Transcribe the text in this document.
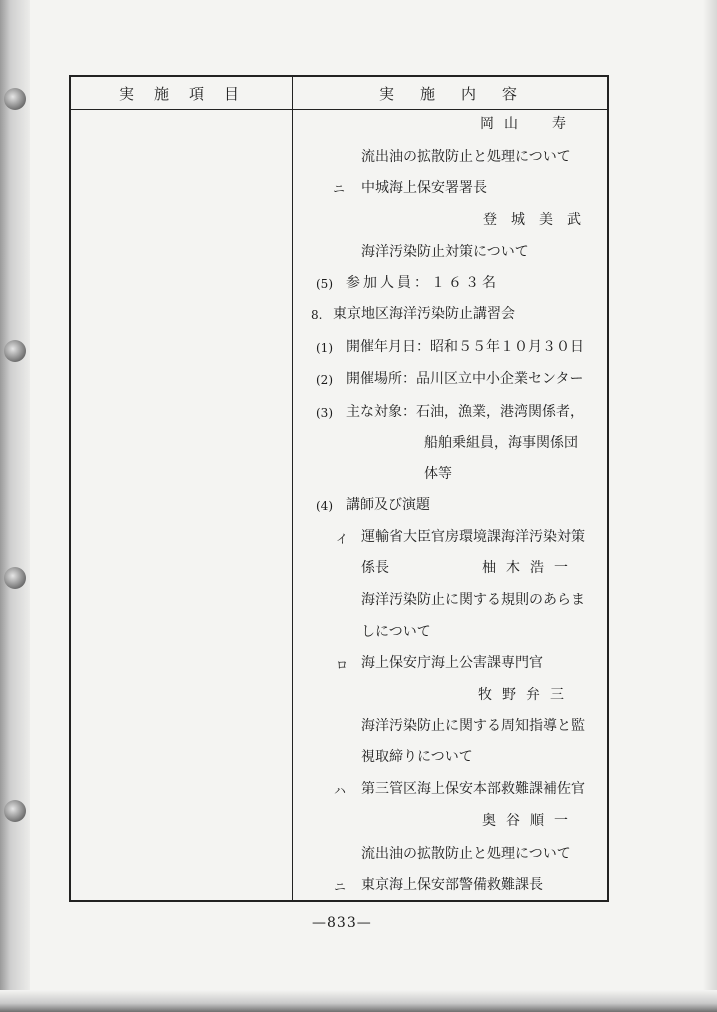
実施項目	実施内容
岡山　寿
流出油の拡散防止と処理について
ニ 中城海上保安署署長
登城美武
海洋汚染防止対策について
(5) 参加人員：１６３名
8. 東京地区海洋汚染防止講習会
(1) 開催年月日：昭和５５年１０月３０日
(2) 開催場所：品川区立中小企業センター
(3) 主な対象：石油，漁業，港湾関係者，
船舶乗組員，海事関係団
体等
(4) 講師及び演題
イ 運輸省大臣官房環境課海洋汚染対策
係長	柚木浩一
海洋汚染防止に関する規則のあらま
しについて
ロ 海上保安庁海上公害課専門官
牧野弁三
海洋汚染防止に関する周知指導と監
視取締りについて
ハ 第三管区海上保安本部救難課補佐官
奥谷順一
流出油の拡散防止と処理について
ニ 東京海上保安部警備救難課長
—833—
